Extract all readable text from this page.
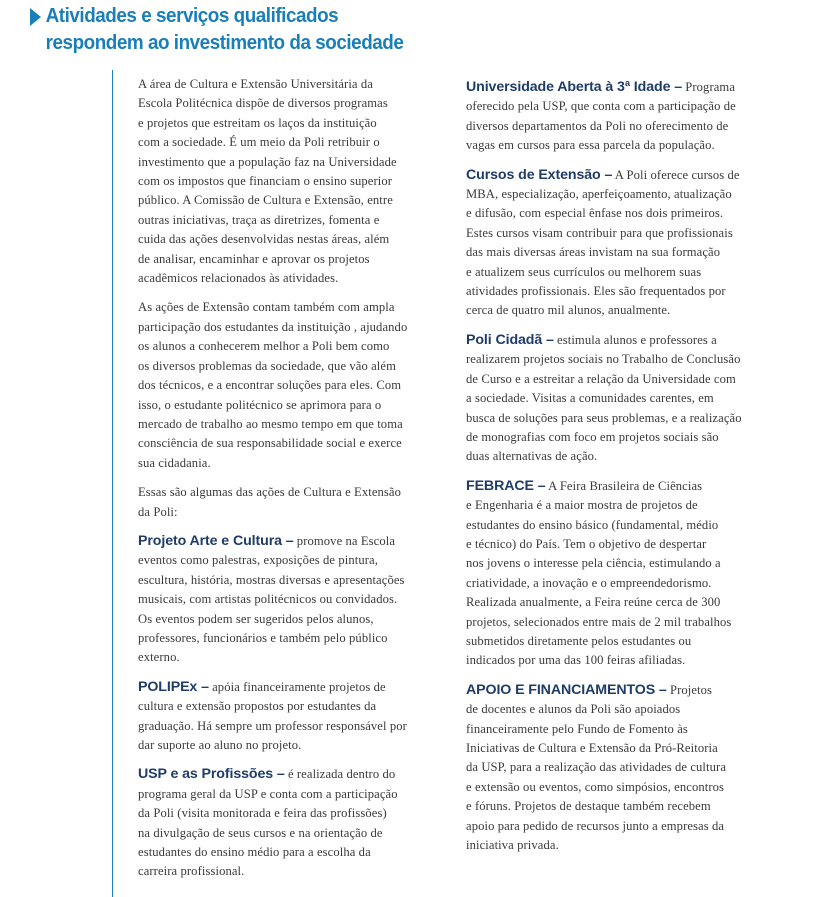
Atividades e serviços qualificados
respondem ao investimento da sociedade

A área de Cultura e Extensão Universitária da
Escola Politécnica dispõe de diversos programas
e projetos que estreitam os laços da instituição
com a sociedade. É um meio da Poli retribuir o
investimento que a população faz na Universidade
com os impostos que financiam o ensino superior
público. A Comissão de Cultura e Extensão, entre
outras iniciativas, traça as diretrizes, fomenta e
cuida das ações desenvolvidas nestas áreas, além
de analisar, encaminhar e aprovar os projetos
acadêmicos relacionados às atividades.

As ações de Extensão contam também com ampla
participação dos estudantes da instituição , ajudando
os alunos a conhecerem melhor a Poli bem como
os diversos problemas da sociedade, que vão além
dos técnicos, e a encontrar soluções para eles. Com
isso, o estudante politécnico se aprimora para o
mercado de trabalho ao mesmo tempo em que toma
consciência de sua responsabilidade social e exerce
sua cidadania.

Essas são algumas das ações de Cultura e Extensão
da Poli:

Projeto Arte e Cultura – promove na Escola
eventos como palestras, exposições de pintura,
escultura, história, mostras diversas e apresentações
musicais, com artistas politécnicos ou convidados.
Os eventos podem ser sugeridos pelos alunos,
professores, funcionários e também pelo público
externo.

POLIPEx – apóia financeiramente projetos de
cultura e extensão propostos por estudantes da
graduação. Há sempre um professor responsável por
dar suporte ao aluno no projeto.

USP e as Profissões – é realizada dentro do
programa geral da USP e conta com a participação
da Poli (visita monitorada e feira das profissões)
na divulgação de seus cursos e na orientação de
estudantes do ensino médio para a escolha da
carreira profissional.

Universidade Aberta à 3ª Idade – Programa
oferecido pela USP, que conta com a participação de
diversos departamentos da Poli no oferecimento de
vagas em cursos para essa parcela da população.

Cursos de Extensão – A Poli oferece cursos de
MBA, especialização, aperfeiçoamento, atualização
e difusão, com especial ênfase nos dois primeiros.
Estes cursos visam contribuir para que profissionais
das mais diversas áreas invistam na sua formação
e atualizem seus currículos ou melhorem suas
atividades profissionais. Eles são frequentados por
cerca de quatro mil alunos, anualmente.

Poli Cidadã – estimula alunos e professores a
realizarem projetos sociais no Trabalho de Conclusão
de Curso e a estreitar a relação da Universidade com
a sociedade. Visitas a comunidades carentes, em
busca de soluções para seus problemas, e a realização
de monografias com foco em projetos sociais são
duas alternativas de ação.

FEBRACE – A Feira Brasileira de Ciências
e Engenharia é a maior mostra de projetos de
estudantes do ensino básico (fundamental, médio
e técnico) do País. Tem o objetivo de despertar
nos jovens o interesse pela ciência, estimulando a
criatividade, a inovação e o empreendedorismo.
Realizada anualmente, a Feira reúne cerca de 300
projetos, selecionados entre mais de 2 mil trabalhos
submetidos diretamente pelos estudantes ou
indicados por uma das 100 feiras afiliadas.

APOIO E FINANCIAMENTOS – Projetos
de docentes e alunos da Poli são apoiados
financeiramente pelo Fundo de Fomento às
Iniciativas de Cultura e Extensão da Pró-Reitoria
da USP, para a realização das atividades de cultura
e extensão ou eventos, como simpósios, encontros
e fóruns. Projetos de destaque também recebem
apoio para pedido de recursos junto a empresas da
iniciativa privada.
